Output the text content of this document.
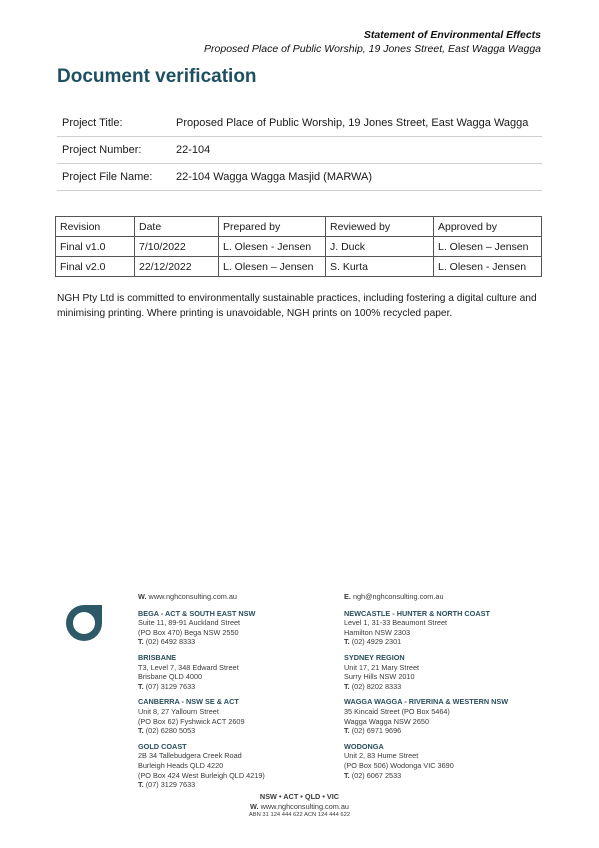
Statement of Environmental Effects
Proposed Place of Public Worship, 19 Jones Street, East Wagga Wagga
Document verification
Project Title:	Proposed Place of Public Worship, 19 Jones Street, East Wagga Wagga
Project Number:	22-104
Project File Name:	22-104 Wagga Wagga Masjid (MARWA)
Revision	Date	Prepared by	Reviewed by	Approved by
Final v1.0	7/10/2022	L. Olesen - Jensen	J. Duck	L. Olesen – Jensen
Final v2.0	22/12/2022	L. Olesen – Jensen	S. Kurta	L. Olesen - Jensen
NGH Pty Ltd is committed to environmentally sustainable practices, including fostering a digital culture and minimising printing. Where printing is unavoidable, NGH prints on 100% recycled paper.
W. www.nghconsulting.com.au
BEGA - ACT & SOUTH EAST NSW
Suite 11, 89-91 Auckland Street
(PO Box 470) Bega NSW 2550
T. (02) 6492 8333
BRISBANE
T3, Level 7, 348 Edward Street
Brisbane QLD 4000
T. (07) 3129 7633
CANBERRA - NSW SE & ACT
Unit 8, 27 Yallourn Street
(PO Box 62) Fyshwick ACT 2609
T. (02) 6280 5053
GOLD COAST
2B 34 Tallebudgera Creek Road
Burleigh Heads QLD 4220
(PO Box 424 West Burleigh QLD 4219)
T. (07) 3129 7633
E. ngh@nghconsulting.com.au
NEWCASTLE - HUNTER & NORTH COAST
Level 1, 31-33 Beaumont Street
Hamilton NSW 2303
T. (02) 4929 2301
SYDNEY REGION
Unit 17, 21 Mary Street
Surry Hills NSW 2010
T. (02) 8202 8333
WAGGA WAGGA - RIVERINA & WESTERN NSW
35 Kincaid Street (PO Box 5464)
Wagga Wagga NSW 2650
T. (02) 6971 9696
WODONGA
Unit 2, 83 Hume Street
(PO Box 506) Wodonga VIC 3690
T. (02) 6067 2533
NSW • ACT • QLD • VIC
W. www.nghconsulting.com.au
ABN 31 124 444 622 ACN 124 444 622
